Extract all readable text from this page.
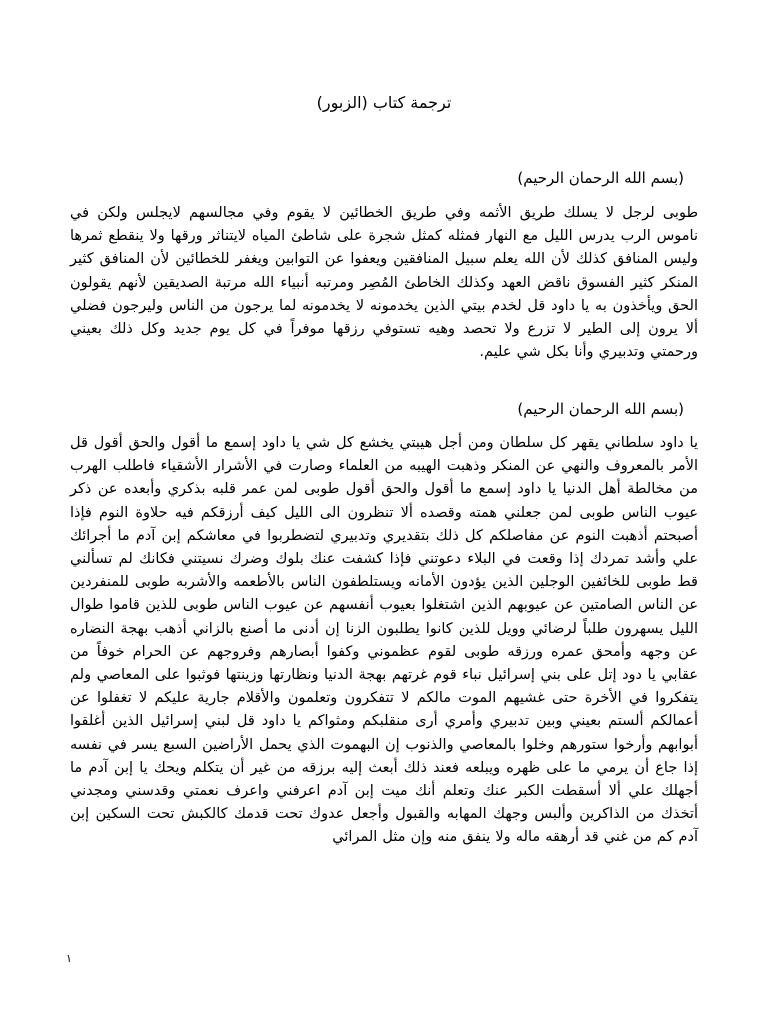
ترجمة كتاب (الزبور)
(بسم الله الرحمان الرحيم)
طوبى لرجل لا يسلك طريق الأثمه وفي طريق الخطائين لا يقوم وفي مجالسهم لايجلس ولكن في ناموس الرب يدرس الليل مع النهار فمثله كمثل شجرة على شاطئ المياه لايتناثر ورقها ولا ينقطع ثمرها وليس المنافق كذلك لأن الله يعلم سبيل المنافقين ويعفوا عن التوابين ويغفر للخطائين لأن المنافق كثير المنكر كثير الفسوق ناقض العهد وكذلك الخاطئ المُصِر ومرتبه أنبياء الله مرتبة الصديقين لأنهم يقولون الحق ويأخذون به يا داود قل لخدم بيتي الذين يخدمونه لا يخدمونه لما يرجون من الناس وليرجون فضلي ألا يرون إلى الطير لا تزرع ولا تحصد وهيه تستوفي رزقها موفراً في كل يوم جديد وكل ذلك بعيني ورحمتي وتدبيري وأنا بكل شي عليم.
(بسم الله الرحمان الرحيم)
يا داود سلطاني يقهر كل سلطان ومن أجل هيبتي يخشع كل شي يا داود إسمع ما أقول والحق أقول قل الأمر بالمعروف والنهي عن المنكر وذهبت الهيبه من العلماء وصارت في الأشرار الأشقياء فاطلب الهرب من مخالطة أهل الدنيا يا داود إسمع ما أقول والحق أقول طوبى لمن عمر قلبه بذكري وأبعده عن ذكر عيوب الناس طوبى لمن جعلني همته وقصده ألا تنظرون الى الليل كيف أرزقكم فيه حلاوة النوم فإذا أصبحتم أذهبت النوم عن مفاصلكم كل ذلك بتقديري وتدبيري لتضطربوا في معاشكم إبن آدم ما أجرائك علي وأشد تمردك إذا وقعت في البلاء دعوتني فإذا كشفت عنك بلوك وضرك نسيتني فكانك لم تسألني قط طوبى للخائفين الوجلين الذين يؤدون الأمانه ويستلطفون الناس بالأطعمه والأشربه طوبى للمنفردين عن الناس الصامتين عن عيوبهم الذين اشتغلوا بعيوب أنفسهم عن عيوب الناس طوبى للذين قاموا طوال الليل يسهرون طلباً لرضائي وويل للذين كانوا يطلبون الزنا إن أدنى ما أصنع بالزاني أذهب بهجة النضاره عن وجهه وأمحق عمره ورزقه طوبى لقوم عظموني وكفوا أبصارهم وفروجهم عن الحرام خوفاً من عقابي يا دود إتل على بني إسرائيل نباء قوم غرتهم بهجة الدنيا ونظارتها وزينتها فوثبوا على المعاصي ولم يتفكروا في الأخرة حتى غشيهم الموت مالكم لا تتفكرون وتعلمون والأقلام جارية عليكم لا تغفلوا عن أعمالكم ألستم بعيني وبين تدبيري وأمري أرى منقلبكم ومثواكم يا داود قل لبني إسرائيل الذين أغلقوا أبوابهم وأرخوا ستورهم وخلوا بالمعاصي والذنوب إن البهموت الذي يحمل الأراضين السبع يسر في نفسه إذا جاع أن يرمي ما على ظهره ويبلعه فعند ذلك أبعث إليه برزقه من غير أن يتكلم ويحك يا إبن آدم ما أجهلك علي ألا أسقطت الكبر عنك وتعلم أنك ميت إبن آدم اعرفني واعرف نعمتي وقدسني ومجدني أتخذك من الذاكرين وألبس وجهك المهابه والقبول وأجعل عدوك تحت قدمك كالكبش تحت السكين إبن آدم كم من غني قد أرهقه ماله ولا ينفق منه وإن مثل المرائي
١
